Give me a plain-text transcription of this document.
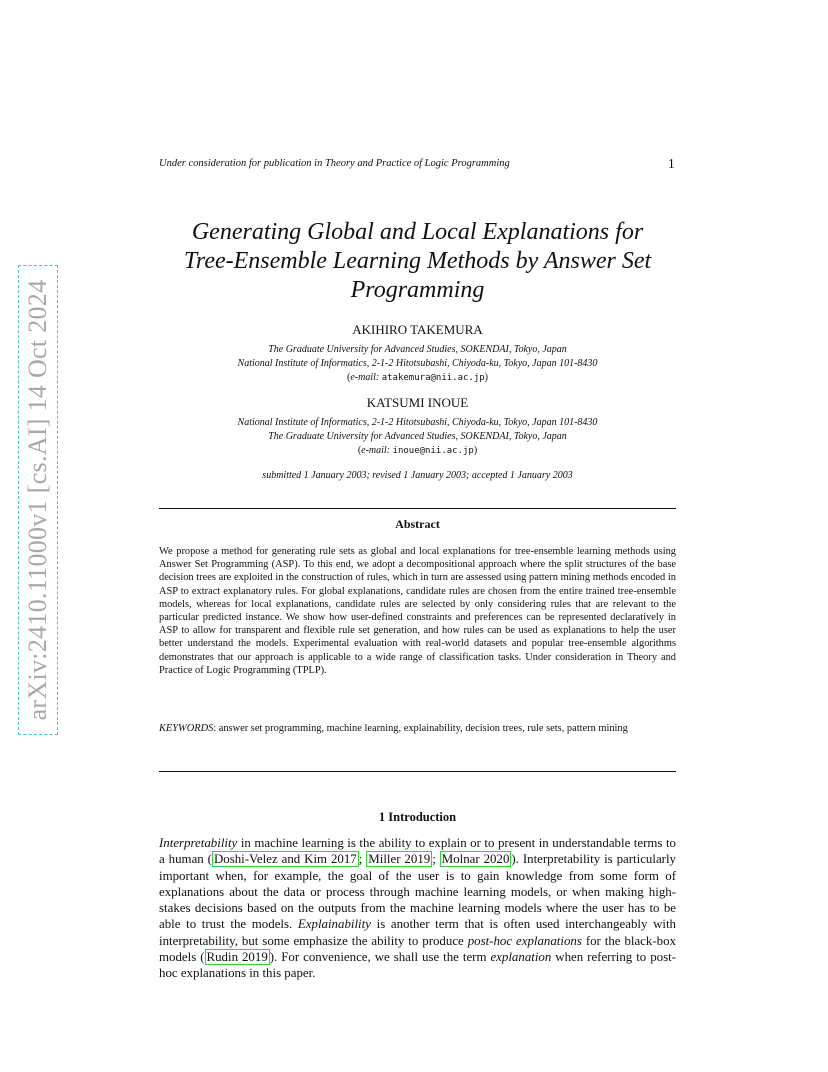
arXiv:2410.11000v1 [cs.AI] 14 Oct 2024
Under consideration for publication in Theory and Practice of Logic Programming	1
Generating Global and Local Explanations for
Tree-Ensemble Learning Methods by Answer Set
Programming
AKIHIRO TAKEMURA
The Graduate University for Advanced Studies, SOKENDAI, Tokyo, Japan
National Institute of Informatics, 2-1-2 Hitotsubashi, Chiyoda-ku, Tokyo, Japan 101-8430
(e-mail: atakemura@nii.ac.jp)
KATSUMI INOUE
National Institute of Informatics, 2-1-2 Hitotsubashi, Chiyoda-ku, Tokyo, Japan 101-8430
The Graduate University for Advanced Studies, SOKENDAI, Tokyo, Japan
(e-mail: inoue@nii.ac.jp)
submitted 1 January 2003; revised 1 January 2003; accepted 1 January 2003
Abstract
We propose a method for generating rule sets as global and local explanations for tree-ensemble learning methods using Answer Set Programming (ASP). To this end, we adopt a decompositional approach where the split structures of the base decision trees are exploited in the construction of rules, which in turn are assessed using pattern mining methods encoded in ASP to extract explanatory rules. For global explanations, candidate rules are chosen from the entire trained tree-ensemble models, whereas for local explanations, candidate rules are selected by only considering rules that are relevant to the particular predicted instance. We show how user-defined constraints and preferences can be represented declaratively in ASP to allow for transparent and flexible rule set generation, and how rules can be used as explanations to help the user better understand the models. Experimental evaluation with real-world datasets and popular tree-ensemble algorithms demonstrates that our approach is applicable to a wide range of classification tasks. Under consideration in Theory and Practice of Logic Programming (TPLP).
KEYWORDS: answer set programming, machine learning, explainability, decision trees, rule sets, pattern mining
1 Introduction
Interpretability in machine learning is the ability to explain or to present in understandable terms to a human ( Doshi-Velez and Kim 2017 ; Miller 2019 ; Molnar 2020 ). Interpretability is particularly important when, for example, the goal of the user is to gain knowledge from some form of explanations about the data or process through machine learning models, or when making high-stakes decisions based on the outputs from the machine learning models where the user has to be able to trust the models. Explainability is another term that is often used interchangeably with interpretability, but some emphasize the ability to produce post-hoc explanations for the black-box models ( Rudin 2019 ). For convenience, we shall use the term explanation when referring to post-hoc explanations in this paper.
